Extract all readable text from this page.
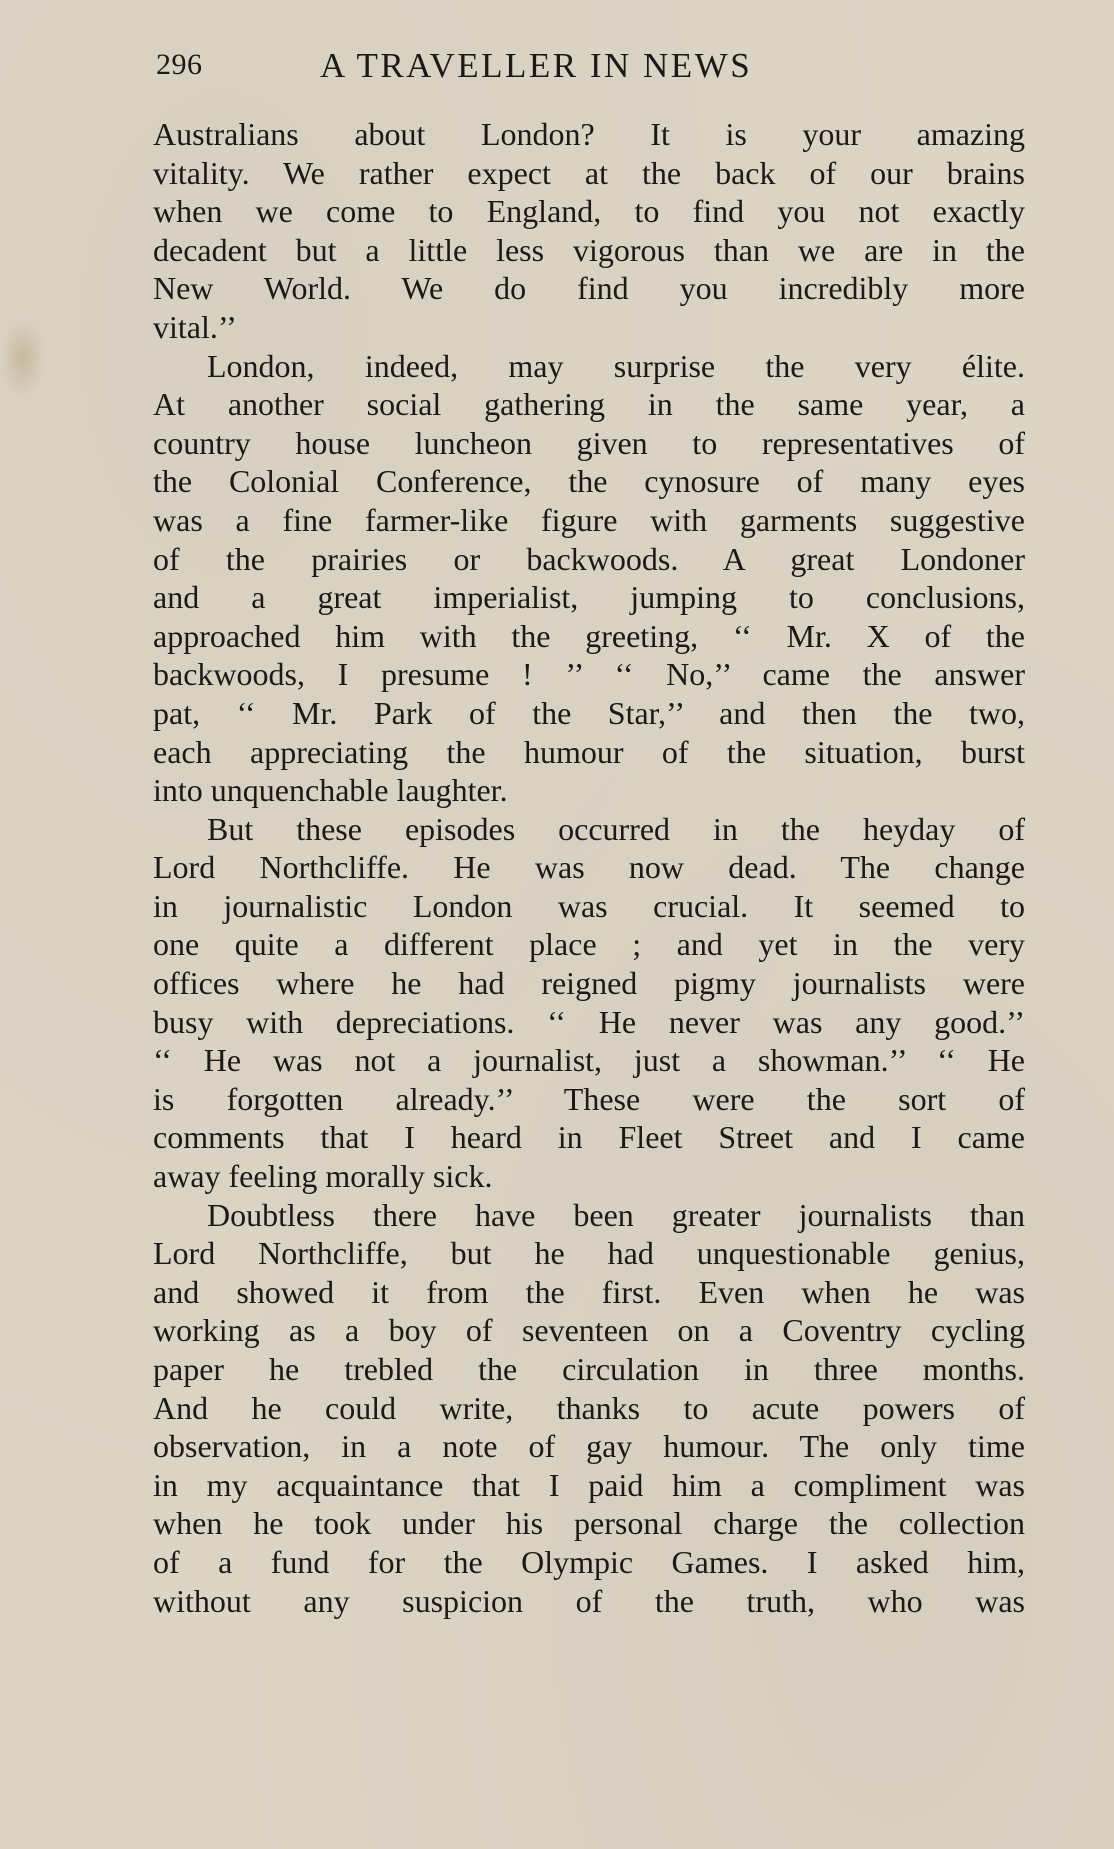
296	A TRAVELLER IN NEWS
Australians about London? It is your amazing
vitality. We rather expect at the back of our brains
when we come to England, to find you not exactly
decadent but a little less vigorous than we are in the
New World. We do find you incredibly more
vital.’’
London, indeed, may surprise the very élite.
At another social gathering in the same year, a
country house luncheon given to representatives of
the Colonial Conference, the cynosure of many eyes
was a fine farmer-like figure with garments suggestive
of the prairies or backwoods. A great Londoner
and a great imperialist, jumping to conclusions,
approached him with the greeting, ‘‘ Mr. X of the
backwoods, I presume ! ’’ ‘‘ No,’’ came the answer
pat, ‘‘ Mr. Park of the Star,’’ and then the two,
each appreciating the humour of the situation, burst
into unquenchable laughter.
But these episodes occurred in the heyday of
Lord Northcliffe. He was now dead. The change
in journalistic London was crucial. It seemed to
one quite a different place ; and yet in the very
offices where he had reigned pigmy journalists were
busy with depreciations. ‘‘ He never was any good.’’
‘‘ He was not a journalist, just a showman.’’ ‘‘ He
is forgotten already.’’ These were the sort of
comments that I heard in Fleet Street and I came
away feeling morally sick.
Doubtless there have been greater journalists than
Lord Northcliffe, but he had unquestionable genius,
and showed it from the first. Even when he was
working as a boy of seventeen on a Coventry cycling
paper he trebled the circulation in three months.
And he could write, thanks to acute powers of
observation, in a note of gay humour. The only time
in my acquaintance that I paid him a compliment was
when he took under his personal charge the collection
of a fund for the Olympic Games. I asked him,
without any suspicion of the truth, who was
